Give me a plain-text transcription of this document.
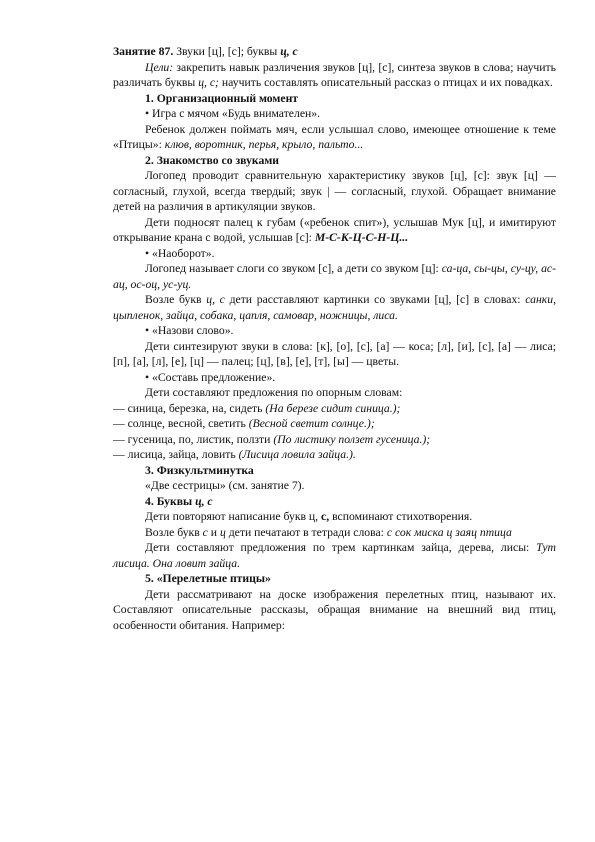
Занятие 87. Звуки [ц], [с]; буквы ц, с

Цели: закрепить навык различения звуков [ц], [с], синтеза звуков в слова; научить различать буквы ц, с; научить составлять описательный рассказ о птицах и их повадках.

1. Организационный момент

• Игра с мячом «Будь внимателен».

Ребенок должен поймать мяч, если услышал слово, имеющее отношение к теме «Птицы»: клюв, воротник, перья, крыло, пальто...

2. Знакомство со звуками

Логопед проводит сравнительную характеристику звуков [ц], [с]: звук [ц] — согласный, глухой, всегда твердый; звук | — согласный, глухой. Обращает внимание детей на различия в артикуляции звуков.

Дети подносят палец к губам («ребенок спит»), услышав Мук [ц], и имитируют открывание крана с водой, услышав [с]: М-С-К-Ц-С-Н-Ц...

• «Наоборот».

Логопед называет слоги со звуком [с], а дети со звуком [ц]: са-ца, сы-цы, су-цу, ас-ац, ос-оц, ус-уц.

Возле букв ц, с дети расставляют картинки со звуками [ц], [с] в словах: санки, цыпленок, зайца, собака, цапля, самовар, ножницы, лиса.

• «Назови слово».

Дети синтезируют звуки в слова: [к], [о], [с], [а] — коса; [л], [и], [с], [а] — лиса; [п], [а], [л], [е], [ц] — палец; [ц], [в], [е], [т], [ы] — цветы.

• «Составь предложение».

Дети составляют предложения по опорным словам:

— синица, березка, на, сидеть (На березе сидит синица.);

— солнце, весной, светить (Весной светит солнце.);

— гусеница, по, листик, ползти (По листику ползет гусеница.);

— лисица, зайца, ловить (Лисица ловила зайца.).

3. Физкультминутка

«Две сестрицы» (см. занятие 7).

4. Буквы ц, с

Дети повторяют написание букв ц, с, вспоминают стихотворения.

Возле букв с и ц дети печатают в тетради слова: с сок миска ц заяц птица

Дети составляют предложения по трем картинкам зайца, дерева, лисы: Тут лисица. Она ловит зайца.

5. «Перелетные птицы»

Дети рассматривают на доске изображения перелетных птиц, называют их. Составляют описательные рассказы, обращая внимание на внешний вид птиц, особенности обитания. Например:
